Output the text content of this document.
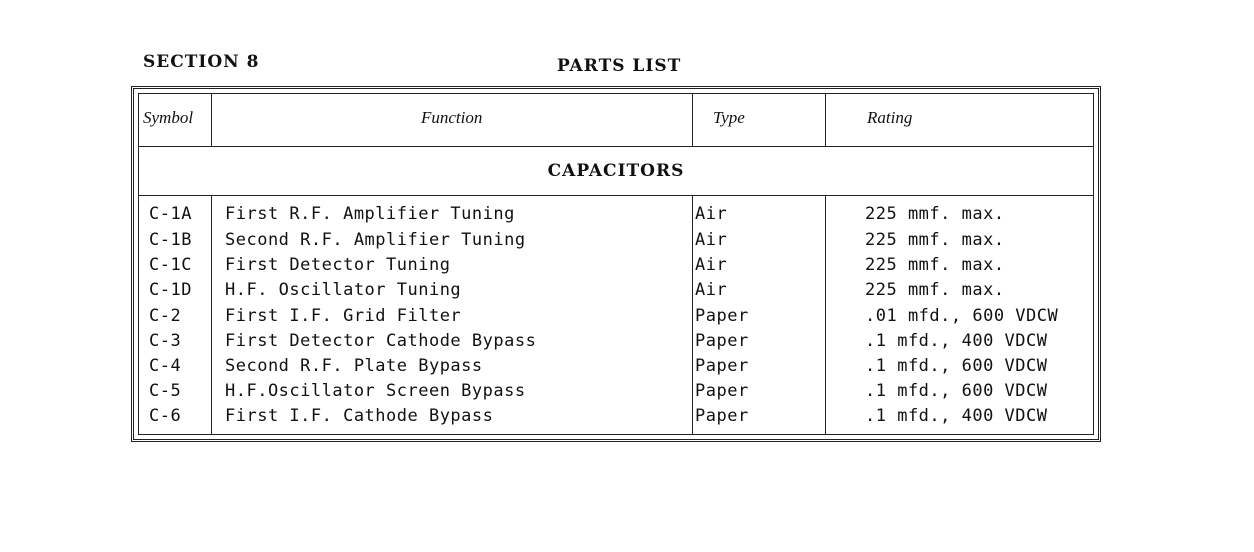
SECTION 8	PARTS LIST
Symbol	Function	Type	Rating
CAPACITORS
C-1A First R.F. Amplifier Tuning	Air	225 mmf. max.
C-1B Second R.F. Amplifier Tuning	Air	225 mmf. max.
C-1C First Detector Tuning	Air	225 mmf. max.
C-1D H.F. Oscillator Tuning	Air	225 mmf. max.
C-2	First I.F. Grid Filter	Paper	.01 mfd., 600 VDCW
C-3	First Detector Cathode Bypass	Paper	.1 mfd., 400 VDCW
C-4	Second R.F. Plate Bypass	Paper	.1 mfd., 600 VDCW
C-5	H.F.Oscillator Screen Bypass	Paper	.1 mfd., 600 VDCW
C-6	First I.F. Cathode Bypass	Paper	.1 mfd., 400 VDCW
